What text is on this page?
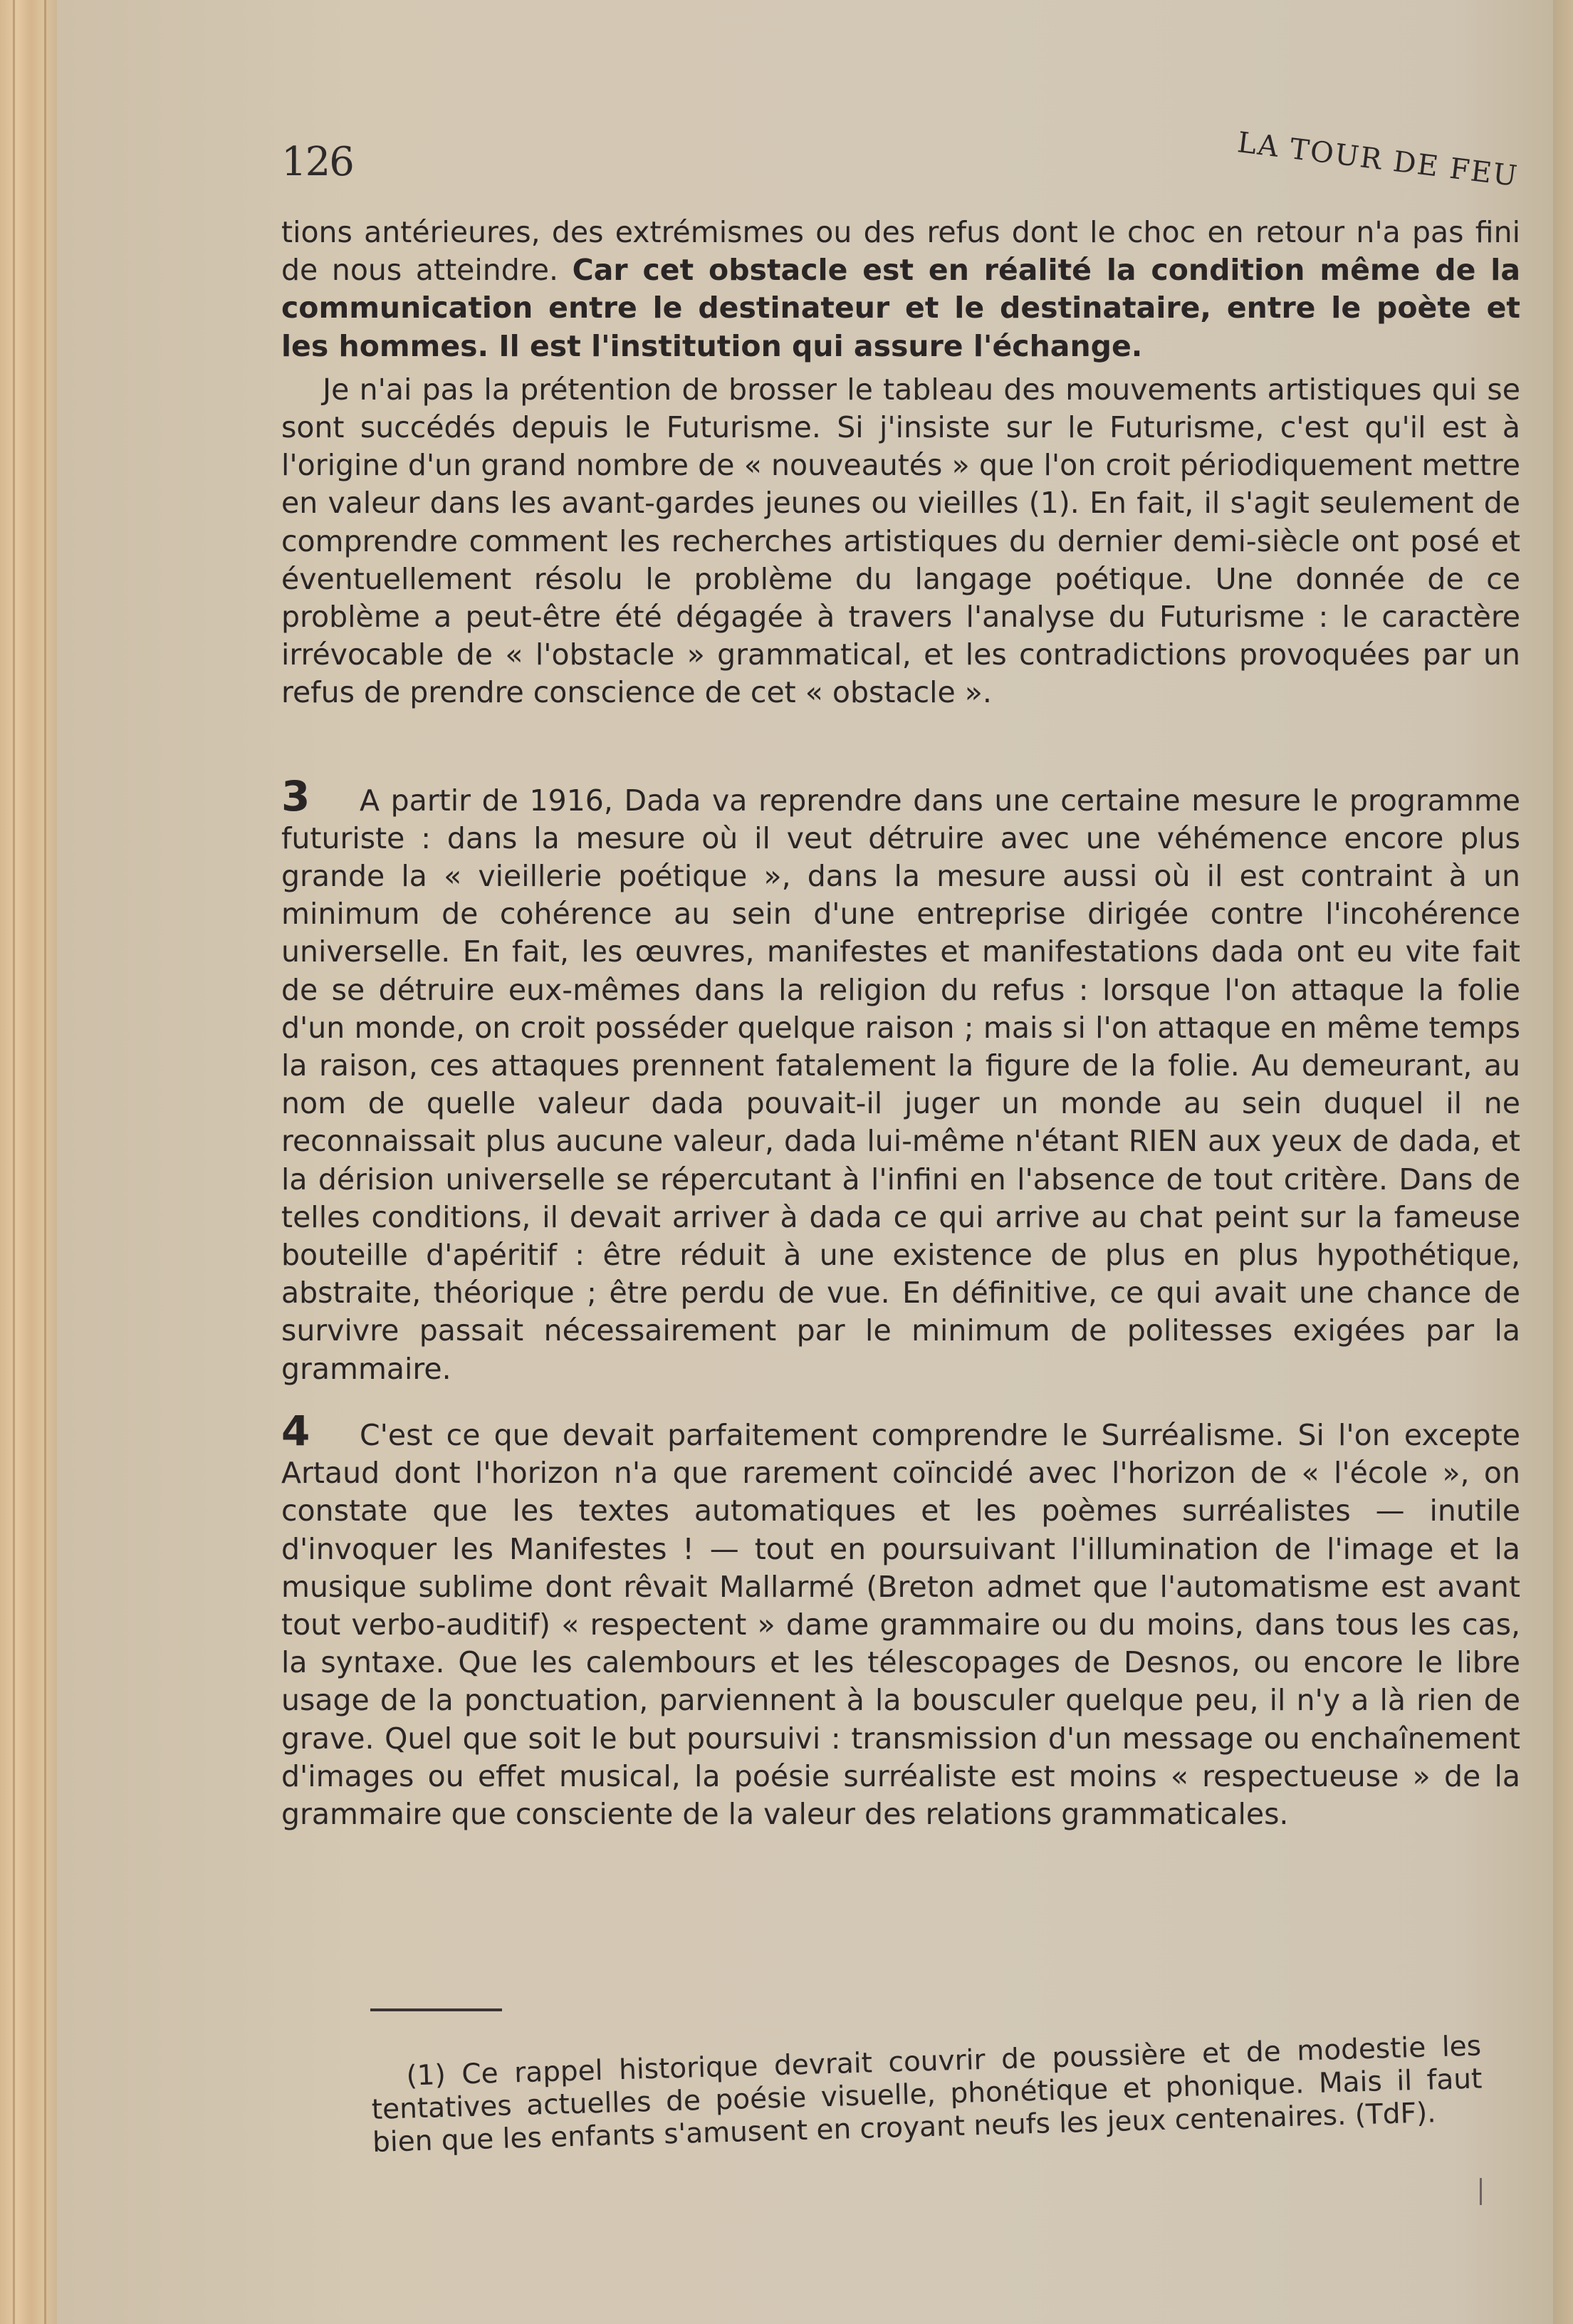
126	LA TOUR DE FEU

tions antérieures, des extrémismes ou des refus dont le choc en retour n'a pas fini de nous atteindre. Car cet obstacle est en réalité la condition même de la communication entre le destinateur et le destinataire, entre le poète et les hommes. Il est l'institution qui assure l'échange.

Je n'ai pas la prétention de brosser le tableau des mouvements artistiques qui se sont succédés depuis le Futurisme. Si j'insiste sur le Futurisme, c'est qu'il est à l'origine d'un grand nombre de « nouveautés » que l'on croit périodiquement mettre en valeur dans les avant-gardes jeunes ou vieilles (1). En fait, il s'agit seulement de comprendre comment les recherches artistiques du dernier demi-siècle ont posé et éventuellement résolu le problème du langage poétique. Une donnée de ce problème a peut-être été dégagée à travers l'analyse du Futurisme : le caractère irrévocable de « l'obstacle » grammatical, et les contradictions provoquées par un refus de prendre conscience de cet « obstacle ».

3 A partir de 1916, Dada va reprendre dans une certaine mesure le programme futuriste : dans la mesure où il veut détruire avec une véhémence encore plus grande la « vieillerie poétique », dans la mesure aussi où il est contraint à un minimum de cohérence au sein d'une entreprise dirigée contre l'incohérence universelle. En fait, les œuvres, manifestes et manifestations dada ont eu vite fait de se détruire eux-mêmes dans la religion du refus : lorsque l'on attaque la folie d'un monde, on croit posséder quelque raison ; mais si l'on attaque en même temps la raison, ces attaques prennent fatalement la figure de la folie. Au demeurant, au nom de quelle valeur dada pouvait-il juger un monde au sein duquel il ne reconnaissait plus aucune valeur, dada lui-même n'étant RIEN aux yeux de dada, et la dérision universelle se répercutant à l'infini en l'absence de tout critère. Dans de telles conditions, il devait arriver à dada ce qui arrive au chat peint sur la fameuse bouteille d'apéritif : être réduit à une existence de plus en plus hypothétique, abstraite, théorique ; être perdu de vue. En définitive, ce qui avait une chance de survivre passait nécessairement par le minimum de politesses exigées par la grammaire.

4 C'est ce que devait parfaitement comprendre le Surréalisme. Si l'on excepte Artaud dont l'horizon n'a que rarement coïncidé avec l'horizon de « l'école », on constate que les textes automatiques et les poèmes surréalistes — inutile d'invoquer les Manifestes ! — tout en poursuivant l'illumination de l'image et la musique sublime dont rêvait Mallarmé (Breton admet que l'automatisme est avant tout verbo-auditif) « respectent » dame grammaire ou du moins, dans tous les cas, la syntaxe. Que les calembours et les télescopages de Desnos, ou encore le libre usage de la ponctuation, parviennent à la bousculer quelque peu, il n'y a là rien de grave. Quel que soit le but poursuivi : transmission d'un message ou enchaînement d'images ou effet musical, la poésie surréaliste est moins « respectueuse » de la grammaire que consciente de la valeur des relations grammaticales.

(1) Ce rappel historique devrait couvrir de poussière et de modestie les tentatives actuelles de poésie visuelle, phonétique et phonique. Mais il faut bien que les enfants s'amusent en croyant neufs les jeux centenaires. (TdF).
